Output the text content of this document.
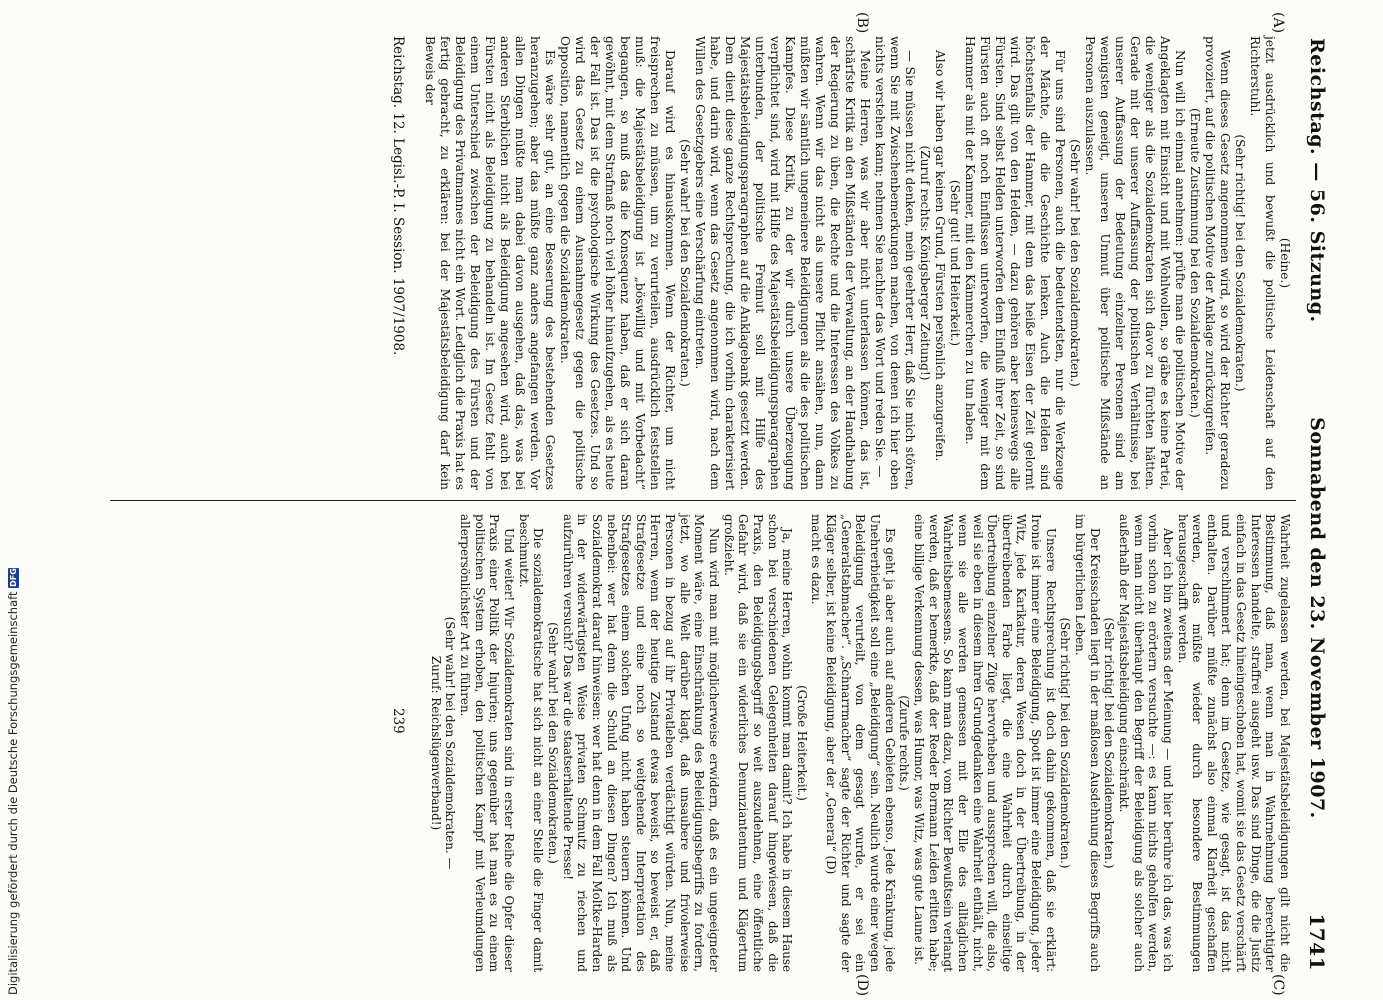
Reichstag. — 56. Sitzung.
Sonnabend den 23. November 1907.
1741
(A)
(B)
(C)
(D)

(Heine.)

jetzt ausdrücklich und bewußt die politische Leidenschaft auf den Richterstuhl.

(Sehr richtig! bei den Sozialdemokraten.)

Wenn dieses Gesetz angenommen wird, so wird der Richter geradezu provoziert, auf die politischen Motive der Anklage zurückzugreifen.

(Erneute Zustimmung bei den Sozialdemokraten.)

Nun will ich einmal annehmen: prüfte man die politischen Motive der Angeklagten mit Einsicht und mit Wohlwollen, so gäbe es keine Partei, die weniger als die Sozialdemokraten sich davor zu fürchten hätten. Gerade mit der unserer Auffassung der politischen Verhältnisse, bei unserer Auffassung der Bedeutung einzelner Personen sind am wenigsten geneigt, unseren Unmut über politische Mißstände an Personen auszulassen.

(Sehr wahr! bei den Sozialdemokraten.)

Für uns sind Personen, auch die bedeutendsten, nur die Werkzeuge der Mächte, die die Geschichte lenken. Auch die Helden sind höchstenfalls der Hammer, mit dem das heiße Eisen der Zeit gelormt wird. Das gilt von den Helden, — dazu gehören aber keineswegs alle Fürsten. Sind selbst Helden unterworfen dem Einfluß ihrer Zeit, so sind Fürsten auch oft noch Einflüssen unterworfen, die weniger mit dem Hammer als mit der Kammer, mit den Kämmerchen zu tun haben.

(Sehr gut! und Heiterkeit.)

Also wir haben gar keinen Grund, Fürsten persönlich anzugreifen.

(Zuruf rechts: Königsberger Zeitung!)

— Sie müssen nicht denken, mein geehrter Herr, daß Sie mich stören, wenn Sie mit Zwischenbemerkungen machen, von denen ich hier oben nichts verstehen kann; nehmen Sie nachher das Wort und reden Sie. —

Meine Herren, was wir aber nicht unterlassen können, das ist, schärfste Kritik an den Mißständen der Verwaltung, an der Handhabung der Regierung zu üben, die Rechte und die Interessen des Volkes zu wahren. Wenn wir das nicht als unsere Pflicht ansähen, nun, dann müßten wir sämtlich ungemeinere Beleidigungen als die des politischen Kampfes. Diese Kritik, zu der wir durch unsere Überzeugung verpflichtet sind, wird mit Hilfe des Majestätsbeleidigungsparagraphen unterbunden, der politische Freimut soll mit Hilfe des Majestätsbeleidigungsparagraphen auf die Anklagebank gesetzt werden. Dem dient diese ganze Rechtsprechung, die ich vorhin charakterisiert habe, und darin wird, wenn das Gesetz angenommen wird, nach dem Willen des Gesetzgebers eine Verschärfung eintreten.

(Sehr wahr! bei den Sozialdemokraten.)

Darauf wird es hinauskommen. Wenn der Richter, um nicht freisprechen zu müssen, um zu verurteilen, ausdrücklich feststellen muß: die Majestätsbeleidigung ist „böswillig und mit Vorbedacht“ begangen, so muß das die Konsequenz haben, daß er sich daran gewöhnt, mit dem Strafmaß noch viel höher hinaufzugehen, als es heute der Fall ist. Das ist die psychologische Wirkung des Gesetzes. Und so wird das Gesetz zu einem Ausnahmegesetz gegen die politische Opposition, namentlich gegen die Sozialdemokraten.

Es wäre sehr gut, an eine Besserung des bestehenden Gesetzes heranzugehen; aber das müßte ganz anders angefangen werden. Vor allen Dingen müßte man dabei davon ausgehen, daß das, was bei anderen Sterblichen nicht als Beleidigung angesehen wird, auch bei Fürsten nicht als Beleidigung zu behandeln ist. Im Gesetz fehlt von einem Unterschied zwischen der Beleidigung des Fürsten und der Beleidigung des Privatmannes nicht ein Wort. Lediglich die Praxis hat es fertig gebracht, zu erklären: bei der Majestätsbeleidigung darf kein Beweis der

Wahrheit zugelassen werden, bei Majestätsbeleidigungen gilt nicht die Bestimmung, daß man, wenn man in Wahrnehmung berechtigter Interessen handelte, straffrei ausgeht usw. Das sind Dinge, die die Justiz einfach in das Gesetz hineingeschoben hat, womit sie das Gesetz verschärft und verschlimmert hat; denn im Gesetze, wie gesagt, ist das nicht enthalten. Darüber müßte zunächst also einmal Klarheit geschaffen werden, das müßte wieder durch besondere Bestimmungen herausgeschafft werden.

Aber ich bin zweitens der Meinung — und hier berühre ich das, was ich vorhin schon zu erörtern versuchte —: es kann nichts geholfen werden, wenn man nicht überhaupt den Begriff der Beleidigung als solcher auch außerhalb der Majestätsbeleidigung einschränkt.

(Sehr richtig! bei den Sozialdemokraten.)

Der Kreisschaden liegt in der maßlosen Ausdehnung dieses Begriffs auch im bürgerlichen Leben.

(Sehr richtig! bei den Sozialdemokraten.)

Unsere Rechtsprechung ist doch dahin gekommen, daß sie erklärt: Ironie ist immer eine Beleidigung, Spott ist immer eine Beleidigung, jeder Witz, jede Karikatur, deren Wesen doch in der Übertreibung, in der übertreibenden Farbe liegt, die eine Wahrheit durch einseitige Übertreibung einzelner Züge hervorheben und aussprechen will, die also, weil sie eben in diesem ihren Grundgedanken eine Wahrheit enthält, nicht, wenn sie alle werden gemessen mit der Elle des alltäglichen Wahrheitsbemessens. So kann man dazu, vom Richter Bewußtsein verlangt werden, daß er bemerkte, daß der Reeder Bormann Leiden erlitten habe; eine billige Verkennung dessen, was Humor, was Witz, was gute Laune ist.

(Zurufe rechts.)

Es geht ja aber auch auf anderen Gebieten ebenso. Jede Kränkung, jede Unehrerbietigkeit soll eine „Beleidigung“ sein. Neulich wurde einer wegen Beleidigung verurteilt, von dem gesagt wurde, er sei ein „Generalstabmacher“. „Schnarrmacher“ sagte der Richter und sagte der Kläger selber, ist keine Beleidigung, aber der „General“ (D)

macht es dazu.

(Große Heiterkeit.)

Ja, meine Herren, wohin kommt man damit? Ich habe in diesem Hause schon bei verschiedenen Gelegenheiten darauf hingewiesen, daß die Praxis, den Beleidigungsbegriff so weit auszudehnen, eine öffentliche Gefahr wird, daß sie ein widerliches Denunziantentum und Klägertum großzieht.

Nun wird man mit möglicherweise erwidern, daß es ein ungeeigneter Moment wäre, eine Einschränkung des Beleidigungsbegriffs zu fordern, jetzt, wo alle Welt darüber klagt, daß unsaubere und frivolerweise Personen in bezug auf ihr Privatleben verdächtigt würden. Nun, meine Herren, wenn der heutige Zustand etwas beweist, so beweist er, daß Strafgesetze und eine noch so weitgehende Interpretation des Strafgesetzes einem solchen Unfug nicht haben steuern können. Und nebenbei: wer hat denn die Schuld an diesen Dingen? Ich muß als Sozialdemokrat darauf hinweisen: wer hat denn in dem Fall Moltke-Harden in der widerwärtigsten Weise privaten Schmutz zu riechen und aufzurühren versucht? Das war die staatserhaltende Presse!

(Sehr wahr! bei den Sozialdemokraten.)

Die sozialdemokratische hat sich nicht an einer Stelle die Finger damit beschmutzt.

Und weiter! Wir Sozialdemokraten sind in erster Reihe die Opfer dieser Praxis einer Politik der Injurien; uns gegenüber hat man es zu einem politischen System erhoben, den politischen Kampf mit Verleumdungen allerpersönlichster Art zu führen.

(Sehr wahr! bei den Sozialdemokraten. —

Zuruf: Reichslügenverband!)

Reichstag. 12. Legisl.-P. I. Session. 1907/1908.
239
Digitalisierung gefördert durch die Deutsche Forschungsgemeinschaft
DFG
